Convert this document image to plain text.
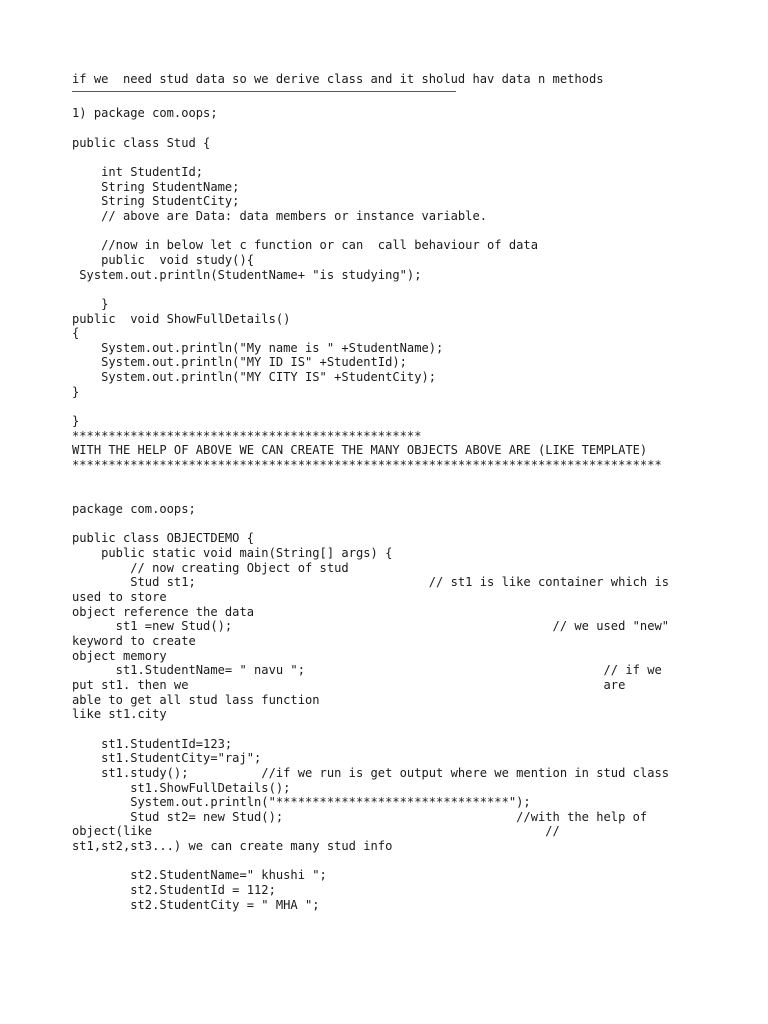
if we  need stud data so we derive class and it sholud hav data n methods

1) package com.oops;

public class Stud {

int StudentId;
String StudentName;
String StudentCity;
// above are Data: data members or instance variable.

//now in below let c function or can  call behaviour of data
public  void study(){
System.out.println(StudentName+ "is studying");

}
public  void ShowFullDetails()
{
System.out.println("My name is " +StudentName);
System.out.println("MY ID IS" +StudentId);
System.out.println("MY CITY IS" +StudentCity);
}

}
************************************************
WITH THE HELP OF ABOVE WE CAN CREATE THE MANY OBJECTS ABOVE ARE (LIKE TEMPLATE)
*********************************************************************************

package com.oops;

public class OBJECTDEMO {
public static void main(String[] args) {
// now creating Object of stud
Stud st1;                                // st1 is like container which is
used to store
object reference the data
st1 =new Stud();                                            // we used "new"
keyword to create
object memory
st1.StudentName= " navu ";                                         // if we
put st1. then we                                                         are
able to get all stud lass function
like st1.city

st1.StudentId=123;
st1.StudentCity="raj";
st1.study();          //if we run is get output where we mention in stud class
st1.ShowFullDetails();
System.out.println("********************************");
Stud st2= new Stud();                                //with the help of
object(like                                                      //
st1,st2,st3...) we can create many stud info

st2.StudentName=" khushi ";
st2.StudentId = 112;
st2.StudentCity = " MHA ";
